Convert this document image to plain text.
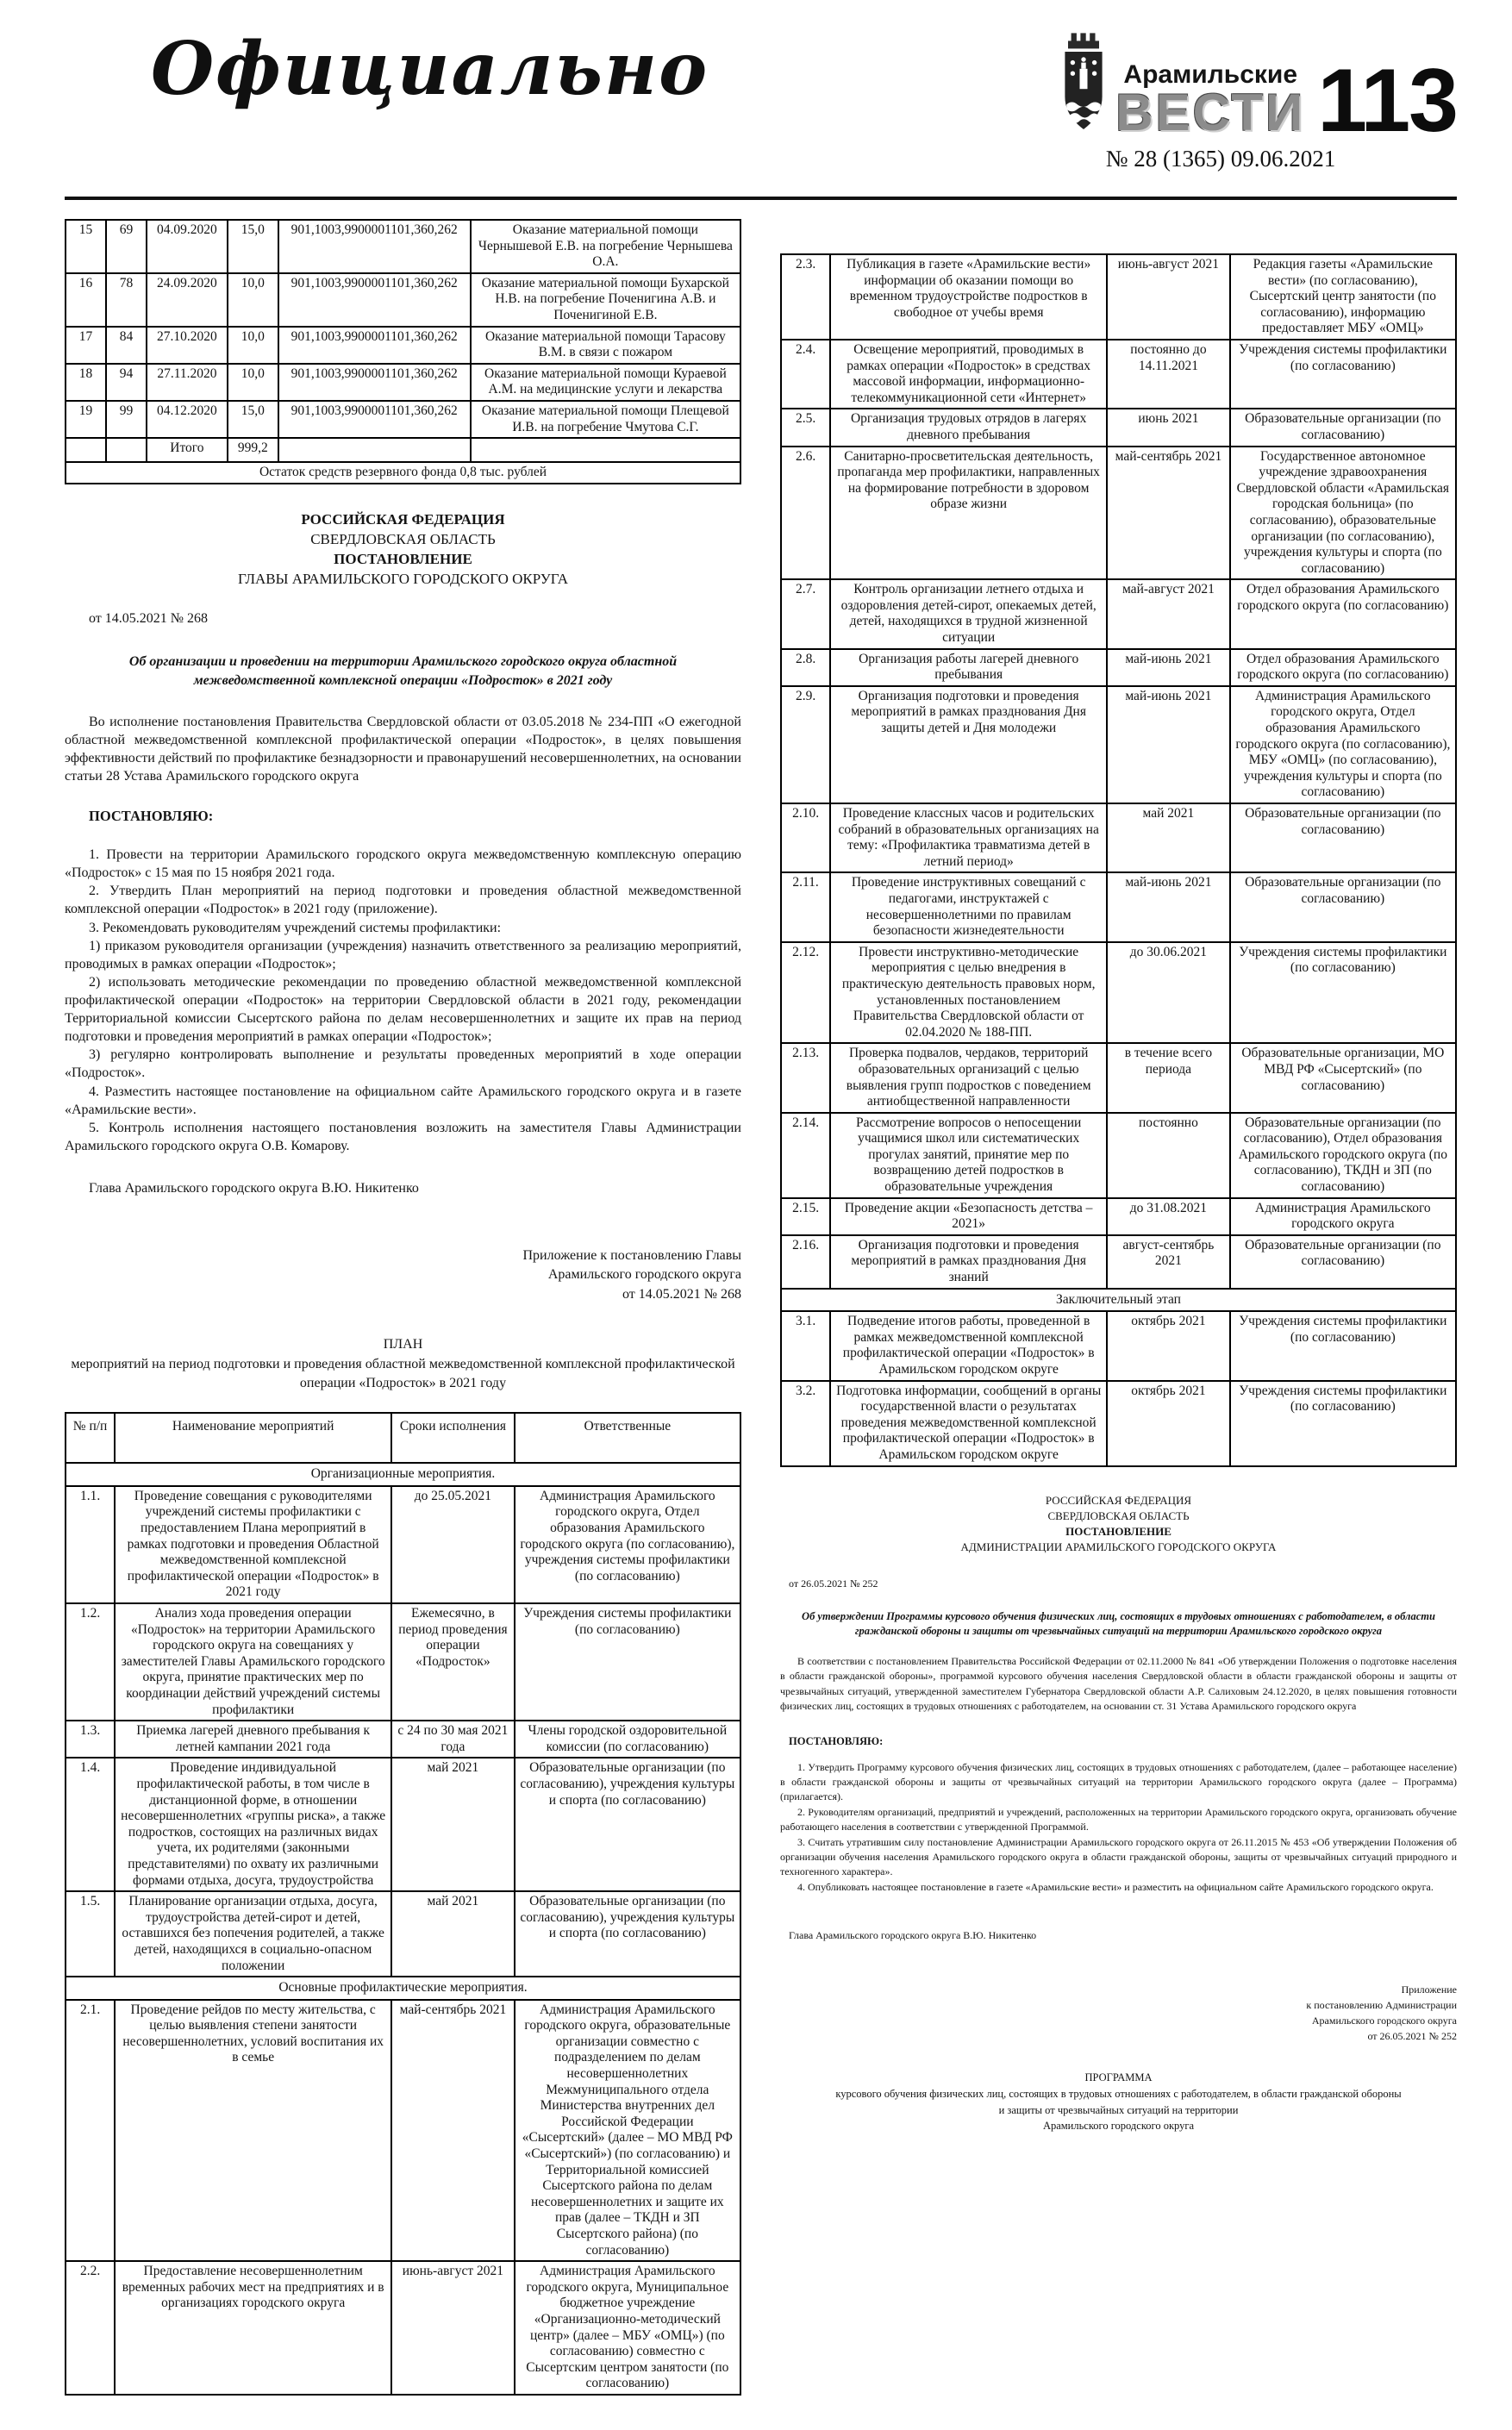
Официально	Арамильские
ВЕСТИ 113
№ 28 (1365) 09.06.2021
15	69	04.09.2020	15,0	901,1003,9900001101,360,262	Оказание материальной помощи Чернышевой Е.В. на погребение Чернышева О.А.
16	78	24.09.2020	10,0	901,1003,9900001101,360,262	Оказание материальной помощи Бухарской Н.В. на погребение Поченигина А.В. и Поченигиной Е.В.
17	84	27.10.2020	10,0	901,1003,9900001101,360,262	Оказание материальной помощи Тарасову В.М. в связи с пожаром
18	94	27.11.2020	10,0	901,1003,9900001101,360,262	Оказание материальной помощи Кураевой А.М. на медицинские услуги и лекарства
19	99	04.12.2020	15,0	901,1003,9900001101,360,262	Оказание материальной помощи Плещевой И.В. на погребение Чмутова С.Г.
		Итого	999,2		
Остаток средств резервного фонда 0,8 тыс. рублей					
РОССИЙСКАЯ ФЕДЕРАЦИЯ
СВЕРДЛОВСКАЯ ОБЛАСТЬ
ПОСТАНОВЛЕНИЕ
ГЛАВЫ АРАМИЛЬСКОГО ГОРОДСКОГО ОКРУГА
от 14.05.2021 № 268
Об организации и проведении на территории Арамильского городского округа областной межведомственной комплексной операции «Подросток» в 2021 году

Во исполнение постановления Правительства Свердловской области от 03.05.2018 № 234-ПП «О ежегодной областной межведомственной комплексной профилактической операции «Подросток», в целях повышения эффективности действий по профилактике безнадзорности и правонарушений несовершеннолетних, на основании статьи 28 Устава Арамильского городского округа

ПОСТАНОВЛЯЮ:

1. Провести на территории Арамильского городского округа межведомственную комплексную операцию «Подросток» с 15 мая по 15 ноября 2021 года.

2. Утвердить План мероприятий на период подготовки и проведения областной межведомственной комплексной операции «Подросток» в 2021 году (приложение).

3. Рекомендовать руководителям учреждений системы профилактики:

1) приказом руководителя организации (учреждения) назначить ответственного за реализацию мероприятий, проводимых в рамках операции «Подросток»;

2) использовать методические рекомендации по проведению областной межведомственной комплексной профилактической операции «Подросток» на территории Свердловской области в 2021 году, рекомендации Территориальной комиссии Сысертского района по делам несовершеннолетних и защите их прав на период подготовки и проведения мероприятий в рамках операции «Подросток»;

3) регулярно контролировать выполнение и результаты проведенных мероприятий в ходе операции «Подросток».

4. Разместить настоящее постановление на официальном сайте Арамильского городского округа и в газете «Арамильские вести».

5. Контроль исполнения настоящего постановления возложить на заместителя Главы Администрации Арамильского городского округа О.В. Комарову.

Глава Арамильского городского округа В.Ю. Никитенко
Приложение к постановлению Главы
Арамильского городского округа
от 14.05.2021 № 268
ПЛАН
мероприятий на период подготовки и проведения областной межведомственной комплексной профилактической операции «Подросток» в 2021 году
№ п/п	Наименование мероприятий	Сроки исполнения	Ответственные
Организационные мероприятия.			
1.1.	Проведение совещания с руководителями учреждений системы профилактики с предоставлением Плана мероприятий в рамках подготовки и проведения Областной межведомственной комплексной профилактической операции «Подросток» в 2021 году	до 25.05.2021	Администрация Арамильского городского округа, Отдел образования Арамильского городского округа (по согласованию), учреждения системы профилактики (по согласованию)
1.2.	Анализ хода проведения операции «Подросток» на территории Арамильского городского округа на совещаниях у заместителей Главы Арамильского городского округа, принятие практических мер по координации действий учреждений системы профилактики	Ежемесячно, в период проведения операции «Подросток»	Учреждения системы профилактики (по согласованию)
1.3.	Приемка лагерей дневного пребывания к летней кампании 2021 года	с 24 по 30 мая 2021 года	Члены городской оздоровительной комиссии (по согласованию)
1.4.	Проведение индивидуальной профилактической работы, в том числе в дистанционной форме, в отношении несовершеннолетних «группы риска», а также подростков, состоящих на различных видах учета, их родителями (законными представителями) по охвату их различными формами отдыха, досуга, трудоустройства	май 2021	Образовательные организации (по согласованию), учреждения культуры и спорта (по согласованию)
1.5.	Планирование организации отдыха, досуга, трудоустройства детей-сирот и детей, оставшихся без попечения родителей, а также детей, находящихся в социально-опасном положении	май 2021	Образовательные организации (по согласованию), учреждения культуры и спорта (по согласованию)
Основные профилактические мероприятия.			
2.1.	Проведение рейдов по месту жительства, с целью выявления степени занятости несовершеннолетних, условий воспитания их в семье	май-сентябрь 2021	Администрация Арамильского городского округа, образовательные организации совместно с подразделением по делам несовершеннолетних Межмуниципального отдела Министерства внутренних дел Российской Федерации «Сысертский» (далее – МО МВД РФ «Сысертский») (по согласованию) и Территориальной комиссией Сысертского района по делам несовершеннолетних и защите их прав (далее – ТКДН и ЗП Сысертского района) (по согласованию)
2.2.	Предоставление несовершеннолетним временных рабочих мест на предприятиях и в организациях городского округа	июнь-август 2021	Администрация Арамильского городского округа, Муниципальное бюджетное учреждение «Организационно-методический центр» (далее – МБУ «ОМЦ») (по согласованию) совместно с Сысертским центром занятости (по согласованию)
2.3.	Публикация в газете «Арамильские вести» информации об оказании помощи во временном трудоустройстве подростков в свободное от учебы время	июнь-август 2021	Редакция газеты «Арамильские вести» (по согласованию), Сысертский центр занятости (по согласованию), информацию предоставляет МБУ «ОМЦ»
2.4.	Освещение мероприятий, проводимых в рамках операции «Подросток» в средствах массовой информации, информационно-телекоммуникационной сети «Интернет»	постоянно до 14.11.2021	Учреждения системы профилактики (по согласованию)
2.5.	Организация трудовых отрядов в лагерях дневного пребывания	июнь 2021	Образовательные организации (по согласованию)
2.6.	Санитарно-просветительская деятельность, пропаганда мер профилактики, направленных на формирование потребности в здоровом образе жизни	май-сентябрь 2021	Государственное автономное учреждение здравоохранения Свердловской области «Арамильская городская больница» (по согласованию), образовательные организации (по согласованию), учреждения культуры и спорта (по согласованию)
2.7.	Контроль организации летнего отдыха и оздоровления детей-сирот, опекаемых детей, детей, находящихся в трудной жизненной ситуации	май-август 2021	Отдел образования Арамильского городского округа (по согласованию)
2.8.	Организация работы лагерей дневного пребывания	май-июнь 2021	Отдел образования Арамильского городского округа (по согласованию)
2.9.	Организация подготовки и проведения мероприятий в рамках празднования Дня защиты детей и Дня молодежи	май-июнь 2021	Администрация Арамильского городского округа, Отдел образования Арамильского городского округа (по согласованию), МБУ «ОМЦ» (по согласованию), учреждения культуры и спорта (по согласованию)
2.10.	Проведение классных часов и родительских собраний в образовательных организациях на тему: «Профилактика травматизма детей в летний период»	май 2021	Образовательные организации (по согласованию)
2.11.	Проведение инструктивных совещаний с педагогами, инструктажей с несовершеннолетними по правилам безопасности жизнедеятельности	май-июнь 2021	Образовательные организации (по согласованию)
2.12.	Провести инструктивно-методические мероприятия с целью внедрения в практическую деятельность правовых норм, установленных постановлением Правительства Свердловской области от 02.04.2020 № 188-ПП.	до 30.06.2021	Учреждения системы профилактики (по согласованию)
2.13.	Проверка подвалов, чердаков, территорий образовательных организаций с целью выявления групп подростков с поведением антиобщественной направленности	в течение всего периода	Образовательные организации, МО МВД РФ «Сысертский» (по согласованию)
2.14.	Рассмотрение вопросов о непосещении учащимися школ или систематических прогулах занятий, принятие мер по возвращению детей подростков в образовательные учреждения	постоянно	Образовательные организации (по согласованию), Отдел образования Арамильского городского округа (по согласованию), ТКДН и ЗП (по согласованию)
2.15.	Проведение акции «Безопасность детства – 2021»	до 31.08.2021	Администрация Арамильского городского округа
2.16.	Организация подготовки и проведения мероприятий в рамках празднования Дня знаний	август-сентябрь 2021	Образовательные организации (по согласованию)
Заключительный этап			
3.1.	Подведение итогов работы, проведенной в рамках межведомственной комплексной профилактической операции «Подросток» в Арамильском городском округе	октябрь 2021	Учреждения системы профилактики (по согласованию)
3.2.	Подготовка информации, сообщений в органы государственной власти о результатах проведения межведомственной комплексной профилактической операции «Подросток» в Арамильском городском округе	октябрь 2021	Учреждения системы профилактики (по согласованию)
РОССИЙСКАЯ ФЕДЕРАЦИЯ
СВЕРДЛОВСКАЯ ОБЛАСТЬ
ПОСТАНОВЛЕНИЕ
АДМИНИСТРАЦИИ АРАМИЛЬСКОГО ГОРОДСКОГО ОКРУГА
от 26.05.2021 № 252
Об утверждении Программы курсового обучения физических лиц, состоящих в трудовых отношениях с работодателем, в области гражданской обороны и защиты от чрезвычайных ситуаций на территории Арамильского городского округа

В соответствии с постановлением Правительства Российской Федерации от 02.11.2000 № 841 «Об утверждении Положения о подготовке населения в области гражданской обороны», программой курсового обучения населения Свердловской области в области гражданской обороны и защиты от чрезвычайных ситуаций, утвержденной заместителем Губернатора Свердловской области А.Р. Салиховым 24.12.2020, в целях повышения готовности физических лиц, состоящих в трудовых отношениях с работодателем, на основании ст. 31 Устава Арамильского городского округа

ПОСТАНОВЛЯЮ:

1. Утвердить Программу курсового обучения физических лиц, состоящих в трудовых отношениях с работодателем, (далее – работающее население) в области гражданской обороны и защиты от чрезвычайных ситуаций на территории Арамильского городского округа (далее – Программа) (прилагается).

2. Руководителям организаций, предприятий и учреждений, расположенных на территории Арамильского городского округа, организовать обучение работающего населения в соответствии с утвержденной Программой.

3. Считать утратившим силу постановление Администрации Арамильского городского округа от 26.11.2015 № 453 «Об утверждении Положения об организации обучения населения Арамильского городского округа в области гражданской обороны, защиты от чрезвычайных ситуаций природного и техногенного характера».

4. Опубликовать настоящее постановление в газете «Арамильские вести» и разместить на официальном сайте Арамильского городского округа.

Глава Арамильского городского округа В.Ю. Никитенко
Приложение
к постановлению Администрации
Арамильского городского округа
от 26.05.2021 № 252
ПРОГРАММА
курсового обучения физических лиц, состоящих в трудовых отношениях с работодателем, в области гражданской обороны
и защиты от чрезвычайных ситуаций на территории
Арамильского городского округа
